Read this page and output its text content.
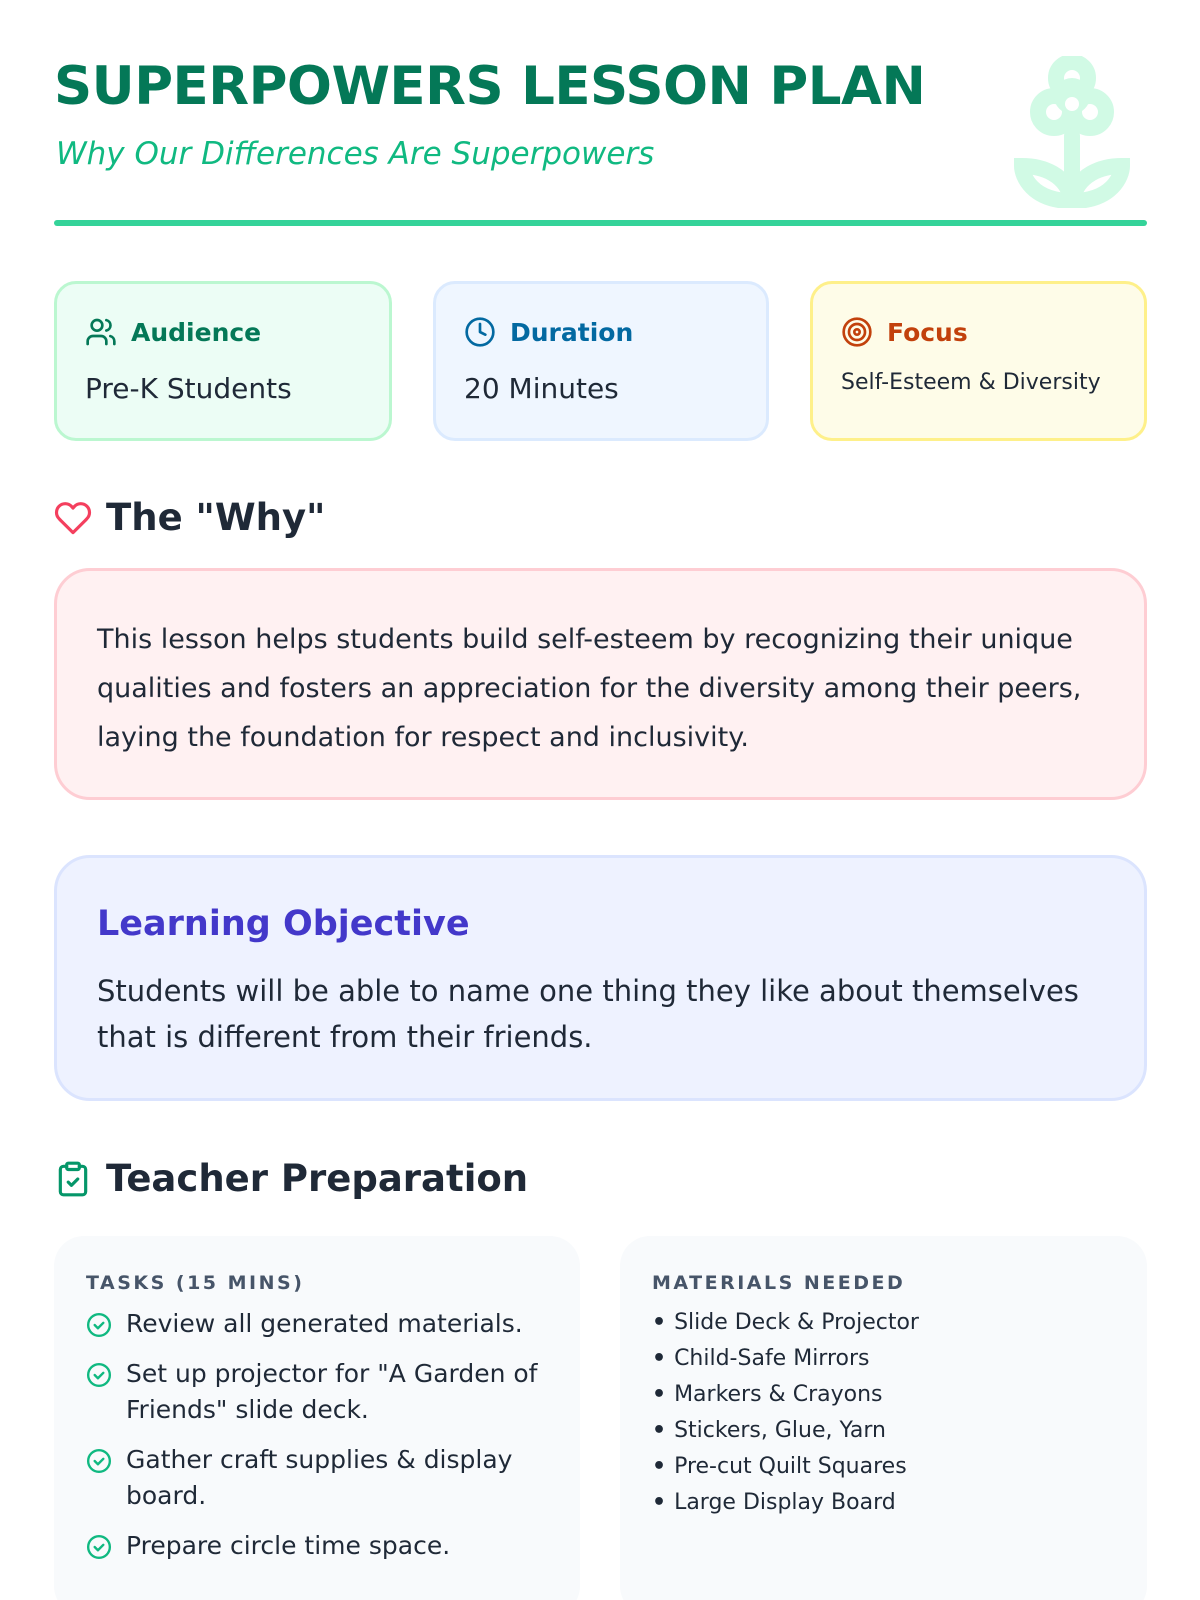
SUPERPOWERS LESSON PLAN
Why Our Differences Are Superpowers
Audience
Pre-K Students
Duration
20 Minutes
Focus
Self-Esteem & Diversity
The "Why"
This lesson helps students build self-esteem by recognizing their unique qualities and fosters an appreciation for the diversity among their peers, laying the foundation for respect and inclusivity.
Learning Objective
Students will be able to name one thing they like about themselves that is different from their friends.
Teacher Preparation
TASKS (15 MINS)
Review all generated materials.
Set up projector for "A Garden of Friends" slide deck.
Gather craft supplies & display board.
Prepare circle time space.
MATERIALS NEEDED
• Slide Deck & Projector
• Child-Safe Mirrors
• Markers & Crayons
• Stickers, Glue, Yarn
• Pre-cut Quilt Squares
• Large Display Board
